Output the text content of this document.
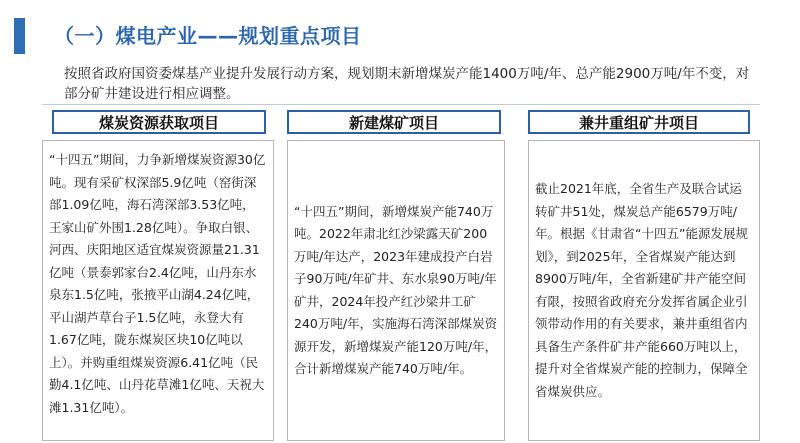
（一）煤电产业——规划重点项目
按照省政府国资委煤基产业提升发展行动方案，规划期末新增煤炭产能1400万吨/年、总产能2900万吨/年不变，对部分矿井建设进行相应调整。
煤炭资源获取项目	新建煤矿项目	兼井重组矿井项目
“十四五”期间，力争新增煤炭资源30亿吨。现有采矿权深部5.9亿吨（窑街深部1.09亿吨，海石湾深部3.53亿吨，王家山矿外围1.28亿吨）。争取白银、河西、庆阳地区适宜煤炭资源量21.31亿吨（景泰郭家台2.4亿吨，山丹东水泉东1.5亿吨，张掖平山湖4.24亿吨，平山湖芦草台子1.5亿吨，永登大有1.67亿吨，陇东煤炭区块10亿吨以上）。并购重组煤炭资源6.41亿吨（民勤4.1亿吨、山丹花草滩1亿吨、天祝大滩1.31亿吨）。
“十四五”期间，新增煤炭产能740万吨。2022年肃北红沙梁露天矿200万吨/年达产，2023年建成投产白岩子90万吨/年矿井、东水泉90万吨/年矿井，2024年投产红沙梁井工矿240万吨/年，实施海石湾深部煤炭资源开发，新增煤炭产能120万吨/年，合计新增煤炭产能740万吨/年。
截止2021年底，全省生产及联合试运转矿井51处，煤炭总产能6579万吨/年。根据《甘肃省“十四五”能源发展规划》，到2025年，全省煤炭产能达到8900万吨/年，全省新建矿井产能空间有限，按照省政府充分发挥省属企业引领带动作用的有关要求，兼井重组省内具备生产条件矿井产能660万吨以上，提升对全省煤炭产能的控制力，保障全省煤炭供应。
